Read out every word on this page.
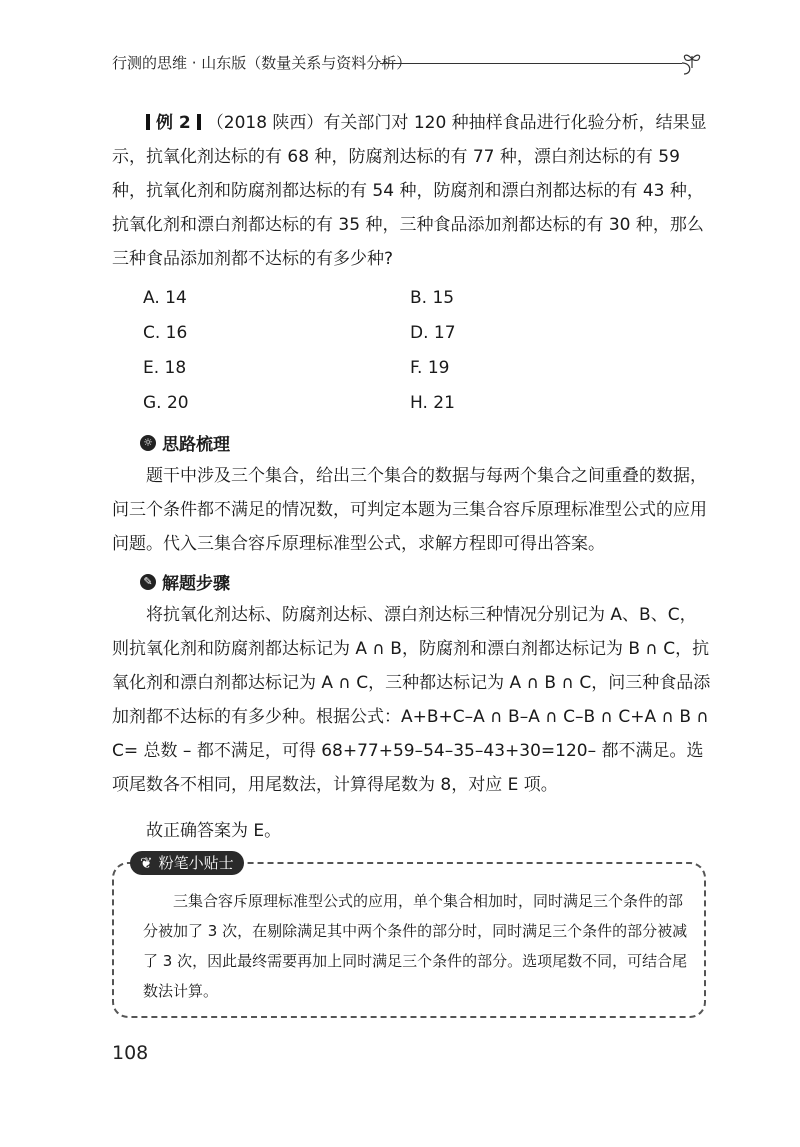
行测的思维 · 山东版（数量关系与资料分析）
例 2 （2018 陕西）有关部门对 120 种抽样食品进行化验分析，结果显示，抗氧化剂达标的有 68 种，防腐剂达标的有 77 种，漂白剂达标的有 59 种，抗氧化剂和防腐剂都达标的有 54 种，防腐剂和漂白剂都达标的有 43 种，抗氧化剂和漂白剂都达标的有 35 种，三种食品添加剂都达标的有 30 种，那么三种食品添加剂都不达标的有多少种?
A. 14	B. 15
C. 16	D. 17
E. 18	F. 19
G. 20	H. 21
☼ 思路梳理
题干中涉及三个集合，给出三个集合的数据与每两个集合之间重叠的数据，问三个条件都不满足的情况数，可判定本题为三集合容斥原理标准型公式的应用问题。代入三集合容斥原理标准型公式，求解方程即可得出答案。
✎ 解题步骤
将抗氧化剂达标、防腐剂达标、漂白剂达标三种情况分别记为 A、B、C，则抗氧化剂和防腐剂都达标记为 A ∩ B，防腐剂和漂白剂都达标记为 B ∩ C，抗氧化剂和漂白剂都达标记为 A ∩ C，三种都达标记为 A ∩ B ∩ C，问三种食品添加剂都不达标的有多少种。根据公式：A+B+C–A ∩ B–A ∩ C–B ∩ C+A ∩ B ∩ C= 总数 – 都不满足，可得 68+77+59–54–35–43+30=120– 都不满足。选项尾数各不相同，用尾数法，计算得尾数为 8，对应 E 项。
故正确答案为 E。
❦ 粉笔小贴士
三集合容斥原理标准型公式的应用，单个集合相加时，同时满足三个条件的部分被加了 3 次，在剔除满足其中两个条件的部分时，同时满足三个条件的部分被减了 3 次，因此最终需要再加上同时满足三个条件的部分。选项尾数不同，可结合尾数法计算。
108
